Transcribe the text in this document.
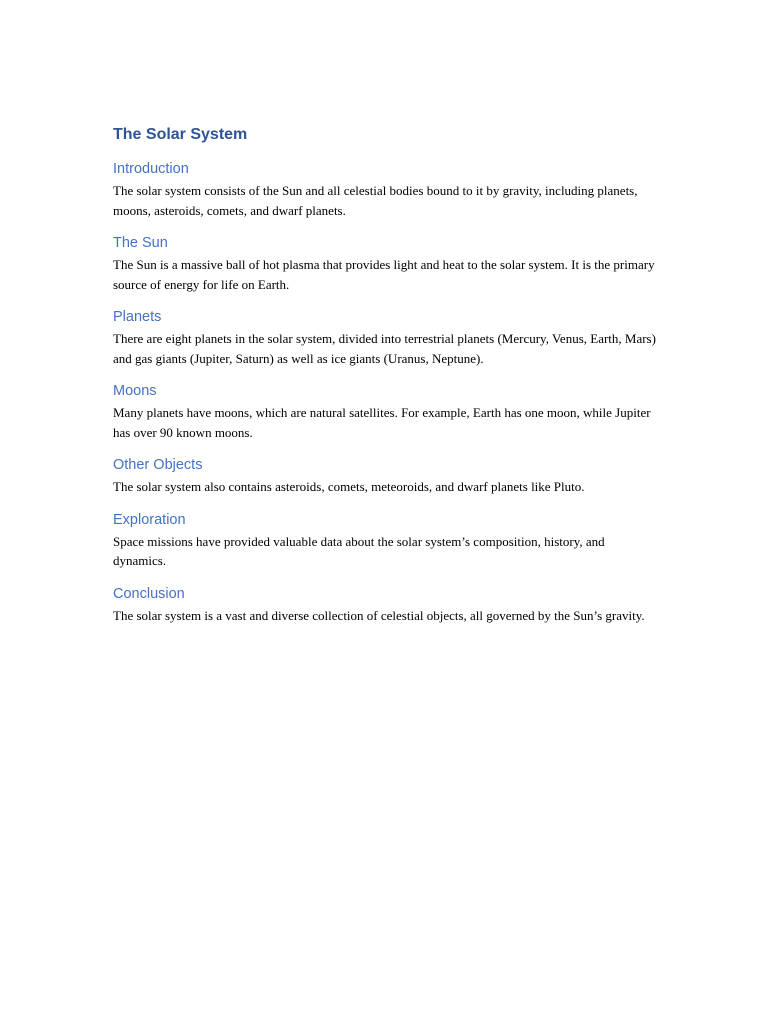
The Solar System
Introduction

The solar system consists of the Sun and all celestial bodies bound to it by gravity, including planets, moons, asteroids, comets, and dwarf planets.

The Sun

The Sun is a massive ball of hot plasma that provides light and heat to the solar system. It is the primary source of energy for life on Earth.

Planets

There are eight planets in the solar system, divided into terrestrial planets (Mercury, Venus, Earth, Mars) and gas giants (Jupiter, Saturn) as well as ice giants (Uranus, Neptune).

Moons

Many planets have moons, which are natural satellites. For example, Earth has one moon, while Jupiter has over 90 known moons.

Other Objects

The solar system also contains asteroids, comets, meteoroids, and dwarf planets like Pluto.

Exploration

Space missions have provided valuable data about the solar system’s composition, history, and dynamics.

Conclusion

The solar system is a vast and diverse collection of celestial objects, all governed by the Sun’s gravity.
